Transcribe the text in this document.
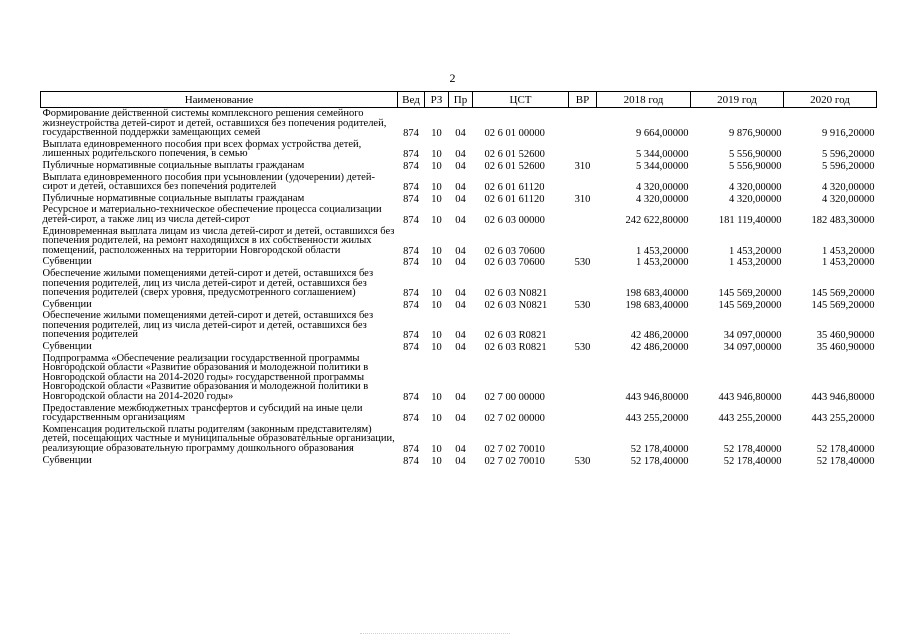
2
Наименование	Вед	РЗ	Пр	ЦСТ	ВР	2018 год	2019 год	2020 год

Формирование действенной системы комплексного решения семейного жизнеустройства детей-сирот и детей, оставшихся без попечения родителей, государственной поддержки замещающих семей	874	10	04	02 6 01 00000		9 664,00000	9 876,90000	9 916,20000

Выплата единовременного пособия при всех формах устройства детей, лишенных родительского попечения, в семью	874	10	04	02 6 01 52600		5 344,00000	5 556,90000	5 596,20000

Публичные нормативные социальные выплаты гражданам	874	10	04	02 6 01 52600	310	5 344,00000	5 556,90000	5 596,20000

Выплата единовременного пособия при усыновлении (удочерении) детей-сирот и детей, оставшихся без попечения родителей	874	10	04	02 6 01 61120		4 320,00000	4 320,00000	4 320,00000

Публичные нормативные социальные выплаты гражданам	874	10	04	02 6 01 61120	310	4 320,00000	4 320,00000	4 320,00000

Ресурсное и материально-техническое обеспечение процесса социализации детей-сирот, а также лиц из числа детей-сирот	874	10	04	02 6 03 00000		242 622,80000	181 119,40000	182 483,30000

Единовременная выплата лицам из числа детей-сирот и детей, оставшихся без попечения родителей, на ремонт находящихся в их собственности жилых помещений, расположенных на территории Новгородской области	874	10	04	02 6 03 70600		1 453,20000	1 453,20000	1 453,20000

Субвенции	874	10	04	02 6 03 70600	530	1 453,20000	1 453,20000	1 453,20000

Обеспечение жилыми помещениями детей-сирот и детей, оставшихся без попечения родителей, лиц из числа детей-сирот и детей, оставшихся без попечения родителей (сверх уровня, предусмотренного соглашением)	874	10	04	02 6 03 N0821		198 683,40000	145 569,20000	145 569,20000

Субвенции	874	10	04	02 6 03 N0821	530	198 683,40000	145 569,20000	145 569,20000

Обеспечение жилыми помещениями детей-сирот и детей, оставшихся без попечения родителей, лиц из числа детей-сирот и детей, оставшихся без попечения родителей	874	10	04	02 6 03 R0821		42 486,20000	34 097,00000	35 460,90000

Субвенции	874	10	04	02 6 03 R0821	530	42 486,20000	34 097,00000	35 460,90000

Подпрограмма «Обеспечение реализации государственной программы Новгородской области «Развитие образования и молодежной политики в Новгородской области на 2014-2020 годы» государственной программы Новгородской области «Развитие образования и молодежной политики в Новгородской области на 2014-2020 годы»	874	10	04	02 7 00 00000		443 946,80000	443 946,80000	443 946,80000

Предоставление межбюджетных трансфертов и субсидий на иные цели государственным организациям	874	10	04	02 7 02 00000		443 255,20000	443 255,20000	443 255,20000

Компенсация родительской платы родителям (законным представителям) детей, посещающих частные и муниципальные образовательные организации, реализующие образовательную программу дошкольного образования	874	10	04	02 7 02 70010		52 178,40000	52 178,40000	52 178,40000

Субвенции	874	10	04	02 7 02 70010	530	52 178,40000	52 178,40000	52 178,40000
